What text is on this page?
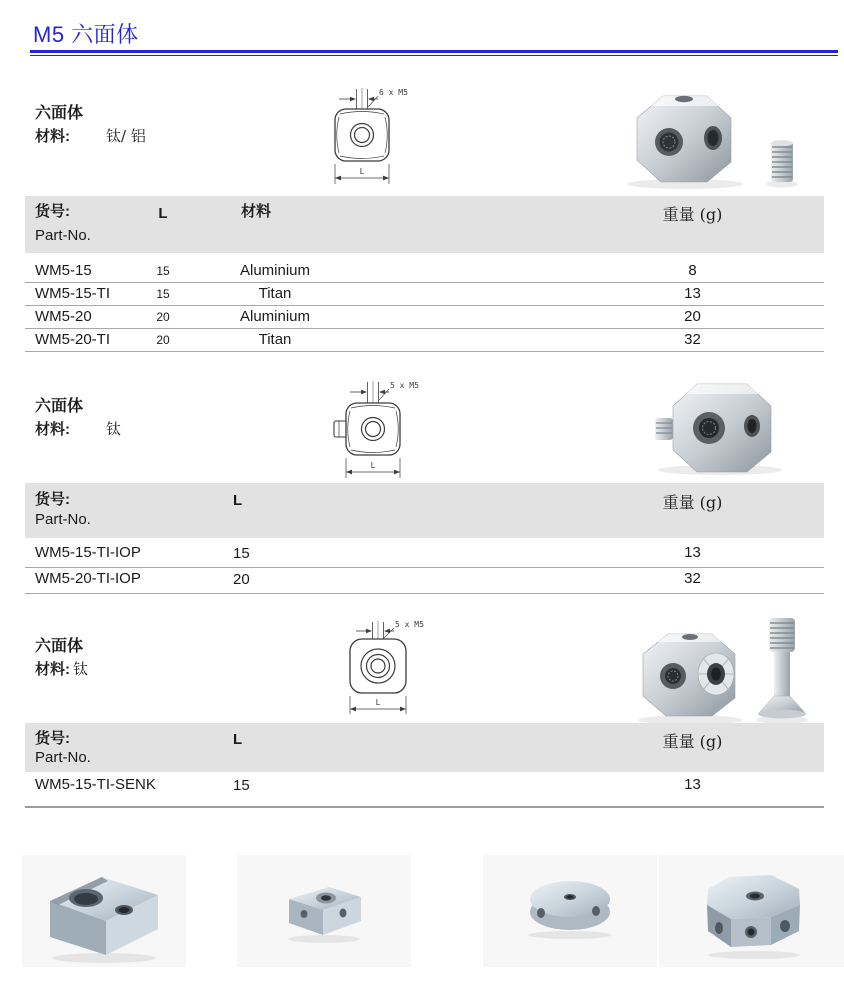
M5 六面体
六面体
材料: 钛/ 铝
6 x M5
L
货号:	L	材料	重量 (g)
Part-No.
WM5-15	15	Aluminium	8
WM5-15-TI	15	Titan	13
WM5-20	20	Aluminium	20
WM5-20-TI	20	Titan	32
六面体
材料: 钛
5 x M5
L
货号:	L	重量 (g)
Part-No.
WM5-15-TI-IOP	15	13
WM5-20-TI-IOP	20	32
六面体
材料: 钛
5 x M5
L
货号:	L	重量 (g)
Part-No.
WM5-15-TI-SENK	15	13
